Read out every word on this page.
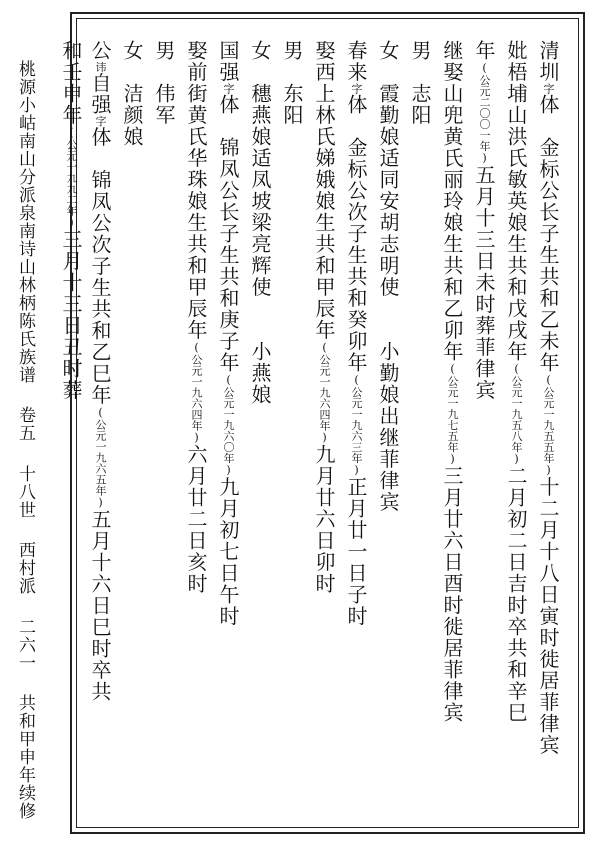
桃源小岵南山分派泉南诗山林柄陈氏族谱
卷五
十八世
西村派
二六一
共和甲申年续修
清圳字体　金标公长子生共和乙未年(公元一九五五年)十二月十八日寅时徙居菲律宾
妣梧埔山洪氏敏英娘生共和戊戌年(公元一九五八年)二月初二日吉时卒共和辛巳
年(公元二〇〇一年)五月十三日未时葬菲律宾
继娶山兜黄氏丽玲娘生共和乙卯年(公元一九七五年)三月廿六日酉时徙居菲律宾
男　志阳
女　霞勤娘适同安胡志明使　　小勤娘出继菲律宾
春来字体　金标公次子生共和癸卯年(公元一九六三年)正月廿一日子时
娶西上林氏娣娥娘生共和甲辰年(公元一九六四年)九月廿六日卯时
男　东阳
女　穗燕娘适凤坡梁亮辉使　　小燕娘
国强字体　锦凤公长子生共和庚子年(公元一九六〇年)九月初七日午时
娶前街黄氏华珠娘生共和甲辰年(公元一九六四年)六月廿二日亥时
男　伟军
女　洁颜娘
公讳自强字体　锦凤公次子生共和乙巳年(公元一九六五年)五月十六日巳时卒共
和壬申年(公元一九九二年)三月十三日丑时葬
